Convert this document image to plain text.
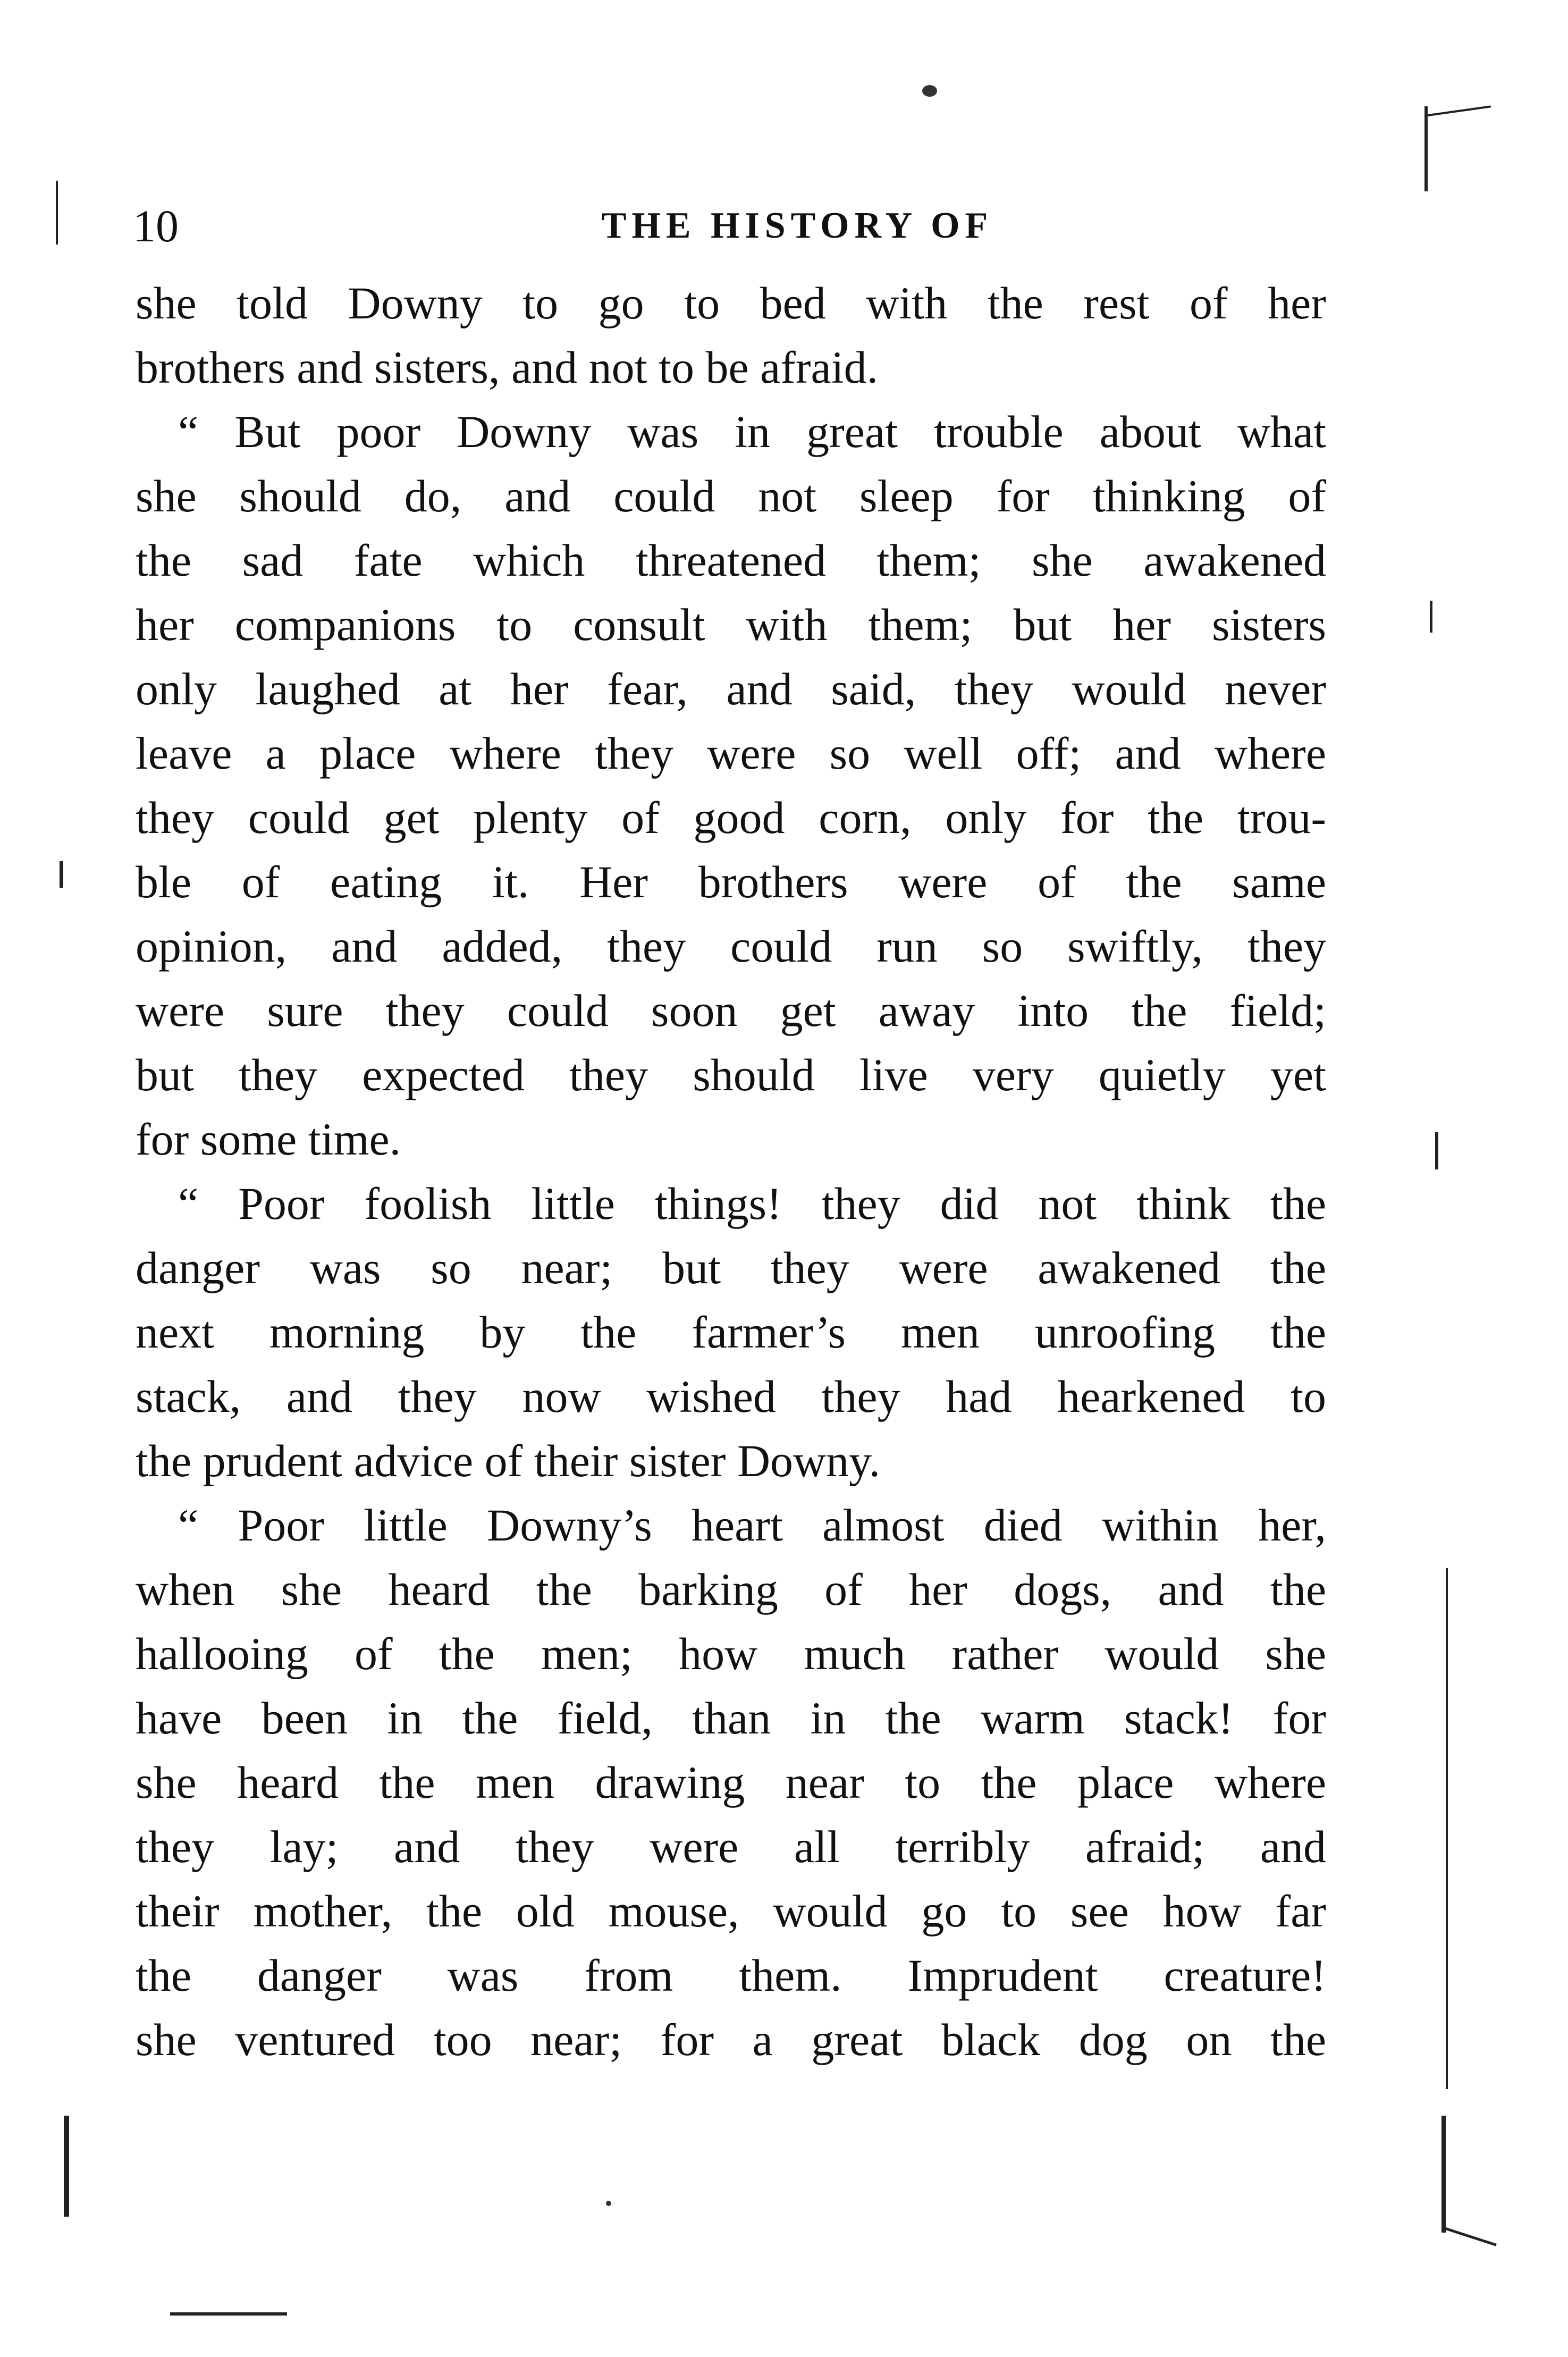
10	THE HISTORY OF
she told Downy to go to bed with the rest of her
brothers and sisters, and not to be afraid.
“ But poor Downy was in great trouble about what
she should do, and could not sleep for thinking of
the sad fate which threatened them; she awakened
her companions to consult with them; but her sisters
only laughed at her fear, and said, they would never
leave a place where they were so well off; and where
they could get plenty of good corn, only for the trou-
ble of eating it. Her brothers were of the same
opinion, and added, they could run so swiftly, they
were sure they could soon get away into the field;
but they expected they should live very quietly yet
for some time.
“ Poor foolish little things! they did not think the
danger was so near; but they were awakened the
next morning by the farmer’s men unroofing the
stack, and they now wished they had hearkened to
the prudent advice of their sister Downy.
“ Poor little Downy’s heart almost died within her,
when she heard the barking of her dogs, and the
hallooing of the men; how much rather would she
have been in the field, than in the warm stack! for
she heard the men drawing near to the place where
they lay; and they were all terribly afraid; and
their mother, the old mouse, would go to see how far
the danger was from them. Imprudent creature!
she ventured too near; for a great black dog on the
